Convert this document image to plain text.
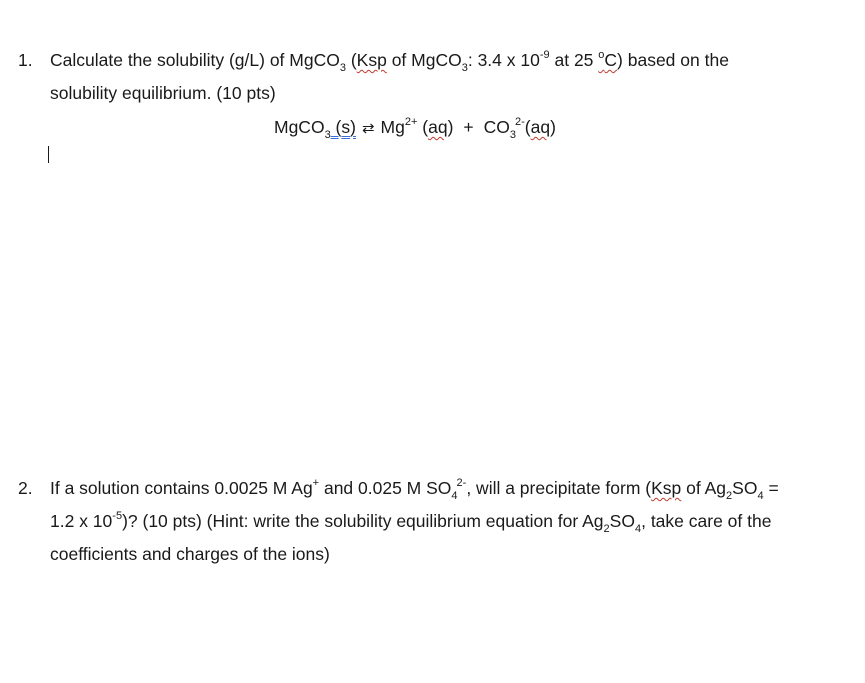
1. Calculate the solubility (g/L) of MgCO$_3$ (Ksp of MgCO$_3$: 3.4 x $10^{-9}$ at 25 $^o$C) based on the
solubility equilibrium. (10 pts)
MgCO$_3$ (s) ⇄ $Mg^{2+}$ $(aq) + CO_3^{2-}(aq)$
2. If a solution contains 0.0025 M Ag+ and 0.025 M $SO_4^{2-}$, will a precipitate form (Ksp of $Ag_2SO_4$ =
1.2 x $10^{-5}$)? (10 pts) (Hint: write the solubility equilibrium equation for $Ag_2SO_4$, take care of the
coefficients and charges of the ions)
